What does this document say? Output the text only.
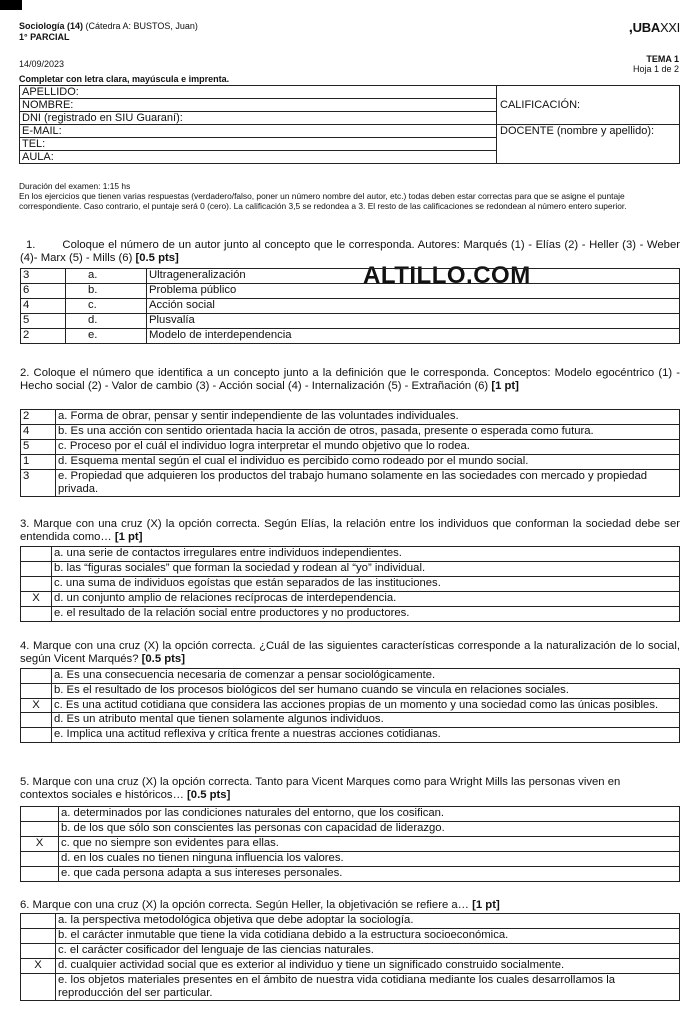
Sociología (14) (Cátedra A: BUSTOS, Juan)
1° PARCIAL
14/09/2023
,UBAXXI
TEMA 1
Hoja 1 de 2
Completar con letra clara, mayúscula e imprenta.
APELLIDO:	CALIFICACIÓN:
NOMBRE:	
DNI (registrado en SIU Guaraní):	
E-MAIL:	DOCENTE (nombre y apellido):
TEL:	
AULA:	
Duración del examen: 1:15 hs
En los ejercicios que tienen varias respuestas (verdadero/falso, poner un número nombre del autor, etc.) todas deben estar correctas para que se asigne el puntaje correspondiente. Caso contrario, el puntaje será 0 (cero). La calificación 3,5 se redondea a 3. El resto de las calificaciones se redondean al número entero superior.
1. Coloque el número de un autor junto al concepto que le corresponda. Autores: Marqués (1) - Elías (2) - Heller (3) - Weber (4)- Marx (5) - Mills (6) [0.5 pts]
ALTILLO.COM
3	a.	Ultrageneralización
6	b.	Problema público
4	c.	Acción social
5	d.	Plusvalía
2	e.	Modelo de interdependencia
2. Coloque el número que identifica a un concepto junto a la definición que le corresponda. Conceptos: Modelo egocéntrico (1) - Hecho social (2) - Valor de cambio (3) - Acción social (4) - Internalización (5) - Extrañación (6) [1 pt]
2	a. Forma de obrar, pensar y sentir independiente de las voluntades individuales.
4	b. Es una acción con sentido orientada hacia la acción de otros, pasada, presente o esperada como futura.
5	c. Proceso por el cuál el individuo logra interpretar el mundo objetivo que lo rodea.
1	d. Esquema mental según el cual el individuo es percibido como rodeado por el mundo social.
3	e. Propiedad que adquieren los productos del trabajo humano solamente en las sociedades con mercado y propiedad privada.
3. Marque con una cruz (X) la opción correcta. Según Elías, la relación entre los individuos que conforman la sociedad debe ser entendida como… [1 pt]
	a. una serie de contactos irregulares entre individuos independientes.
	b. las “figuras sociales” que forman la sociedad y rodean al “yo” individual.
	c. una suma de individuos egoístas que están separados de las instituciones.
X	d. un conjunto amplio de relaciones recíprocas de interdependencia.
	e. el resultado de la relación social entre productores y no productores.
4. Marque con una cruz (X) la opción correcta. ¿Cuál de las siguientes características corresponde a la naturalización de lo social, según Vicent Marqués? [0.5 pts]
	a. Es una consecuencia necesaria de comenzar a pensar sociológicamente.
	b. Es el resultado de los procesos biológicos del ser humano cuando se vincula en relaciones sociales.
X	c. Es una actitud cotidiana que considera las acciones propias de un momento y una sociedad como las únicas posibles.
	d. Es un atributo mental que tienen solamente algunos individuos.
	e. Implica una actitud reflexiva y crítica frente a nuestras acciones cotidianas.
5. Marque con una cruz (X) la opción correcta. Tanto para Vicent Marques como para Wright Mills las personas viven en contextos sociales e históricos… [0.5 pts]
	a. determinados por las condiciones naturales del entorno, que los cosifican.
	b. de los que sólo son conscientes las personas con capacidad de liderazgo.
X	c. que no siempre son evidentes para ellas.
	d. en los cuales no tienen ninguna influencia los valores.
	e. que cada persona adapta a sus intereses personales.
6. Marque con una cruz (X) la opción correcta. Según Heller, la objetivación se refiere a… [1 pt]
	a. la perspectiva metodológica objetiva que debe adoptar la sociología.
	b. el carácter inmutable que tiene la vida cotidiana debido a la estructura socioeconómica.
	c. el carácter cosificador del lenguaje de las ciencias naturales.
X	d. cualquier actividad social que es exterior al individuo y tiene un significado construido socialmente.
	e. los objetos materiales presentes en el ámbito de nuestra vida cotidiana mediante los cuales desarrollamos la reproducción del ser particular.
